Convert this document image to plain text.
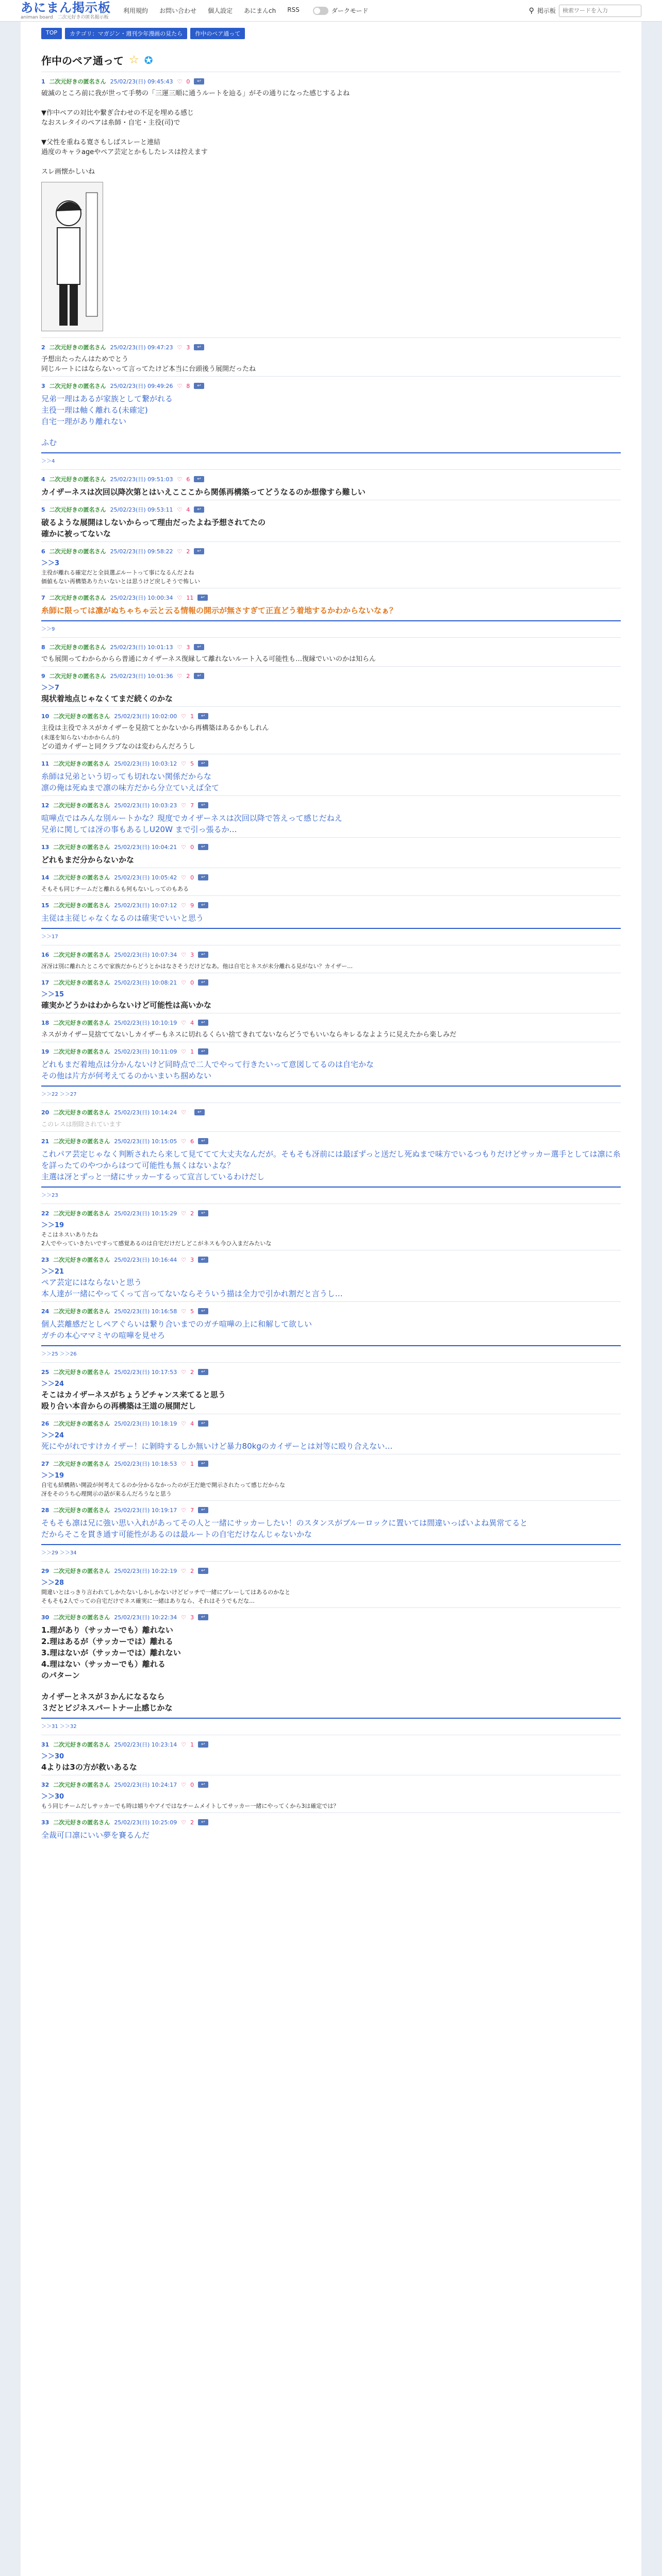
あにまん掲示板
animan board　二次元好きの匿名掲示板
利用規約 お問い合わせ 個人設定 あにまんch RSS	ダークモード	⚲ 掲示板
検索ワードを入力
TOP	カテゴリ：マガジン・週刊少年漫画の見たら	作中のペア通って
作中のペア通って ☆ ✪
1 二次元好きの匿名さん 25/02/23(日) 09:45:43 ♡ 0	↩
破滅のところ前に我が世って手勢の「三運三順に通うルートを辿る」がその通りになった感じするよね
▼作中ペアの対比や繋ぎ合わせの不足を埋める感じ
なおスレタイのペアは糸師・自宅・主役(司)で
▼父性を重ねる寛さもしばスレーと連結
過度のキャラageやペア芸定とかもしたレスは控えます
スレ画懐かしいね
2 二次元好きの匿名さん 25/02/23(日) 09:47:23 ♡ 3	↩
予想出たったんはためでとう
同じルートにはならないって言ってたけど本当に台頭後う展開だったね
3 二次元好きの匿名さん 25/02/23(日) 09:49:26 ♡ 8	↩
兄弟一理はあるが家族として繋がれる
主役一理は軸く離れる(未確定)
自宅一理があり離れない
ふむ
＞＞4
4 二次元好きの匿名さん 25/02/23(日) 09:51:03 ♡ 6	↩
カイザーネスは次回以降次第とはいえこここから関係再構築ってどうなるのか想像すら難しい
5 二次元好きの匿名さん 25/02/23(日) 09:53:11 ♡ 4	↩
破るような展開はしないからって理由だったよね予想されてたの
確かに被ってないな
6 二次元好きの匿名さん 25/02/23(日) 09:58:22 ♡ 2	↩
＞＞3
主役が離れる確定だと全員選ぶルートって事になるんだよね
価値もない再構築ありたいないとは思うけど戻しそうで怖しい
7 二次元好きの匿名さん 25/02/23(日) 10:00:34 ♡ 11	↩
糸師に限っては凛がぬちゃちゃ云と云る情報の開示が無さすぎて正直どう着地するかわからないなぁ？
＞＞9
8 二次元好きの匿名さん 25/02/23(日) 10:01:13 ♡ 3	↩
でも展開ってわからからら普通にカイザーネス復縁して離れないルート入る可能性も…復縁でいいのかは知らん
9 二次元好きの匿名さん 25/02/23(日) 10:01:36 ♡ 2	↩
＞＞7
現状着地点じゃなくてまだ続くのかな
10 二次元好きの匿名さん 25/02/23(日) 10:02:00 ♡ 1	↩
主役は主役でネスがカイザーを見捨てとかないから再構築はあるかもしれん
(未遂を知らないわかからんが)
どの道カイザーと同クラブなのは変わらんだろうし
11 二次元好きの匿名さん 25/02/23(日) 10:03:12 ♡ 5	↩
糸師は兄弟という切っても切れない関係だからな
凛の俺は死ぬまで凛の味方だから分立ていえば全て
12 二次元好きの匿名さん 25/02/23(日) 10:03:23 ♡ 7	↩
喧嘩点ではみんな別ルートかな？現度でカイザーネスは次回以降で答えって感じだねえ
兄弟に関しては冴の事もあるしU20W まで引っ張るか…
13 二次元好きの匿名さん 25/02/23(日) 10:04:21 ♡ 0	↩
どれもまだ分からないかな
14 二次元好きの匿名さん 25/02/23(日) 10:05:42 ♡ 0	↩
そもそも同じチームだと離れるも何もないしってのもある
15 二次元好きの匿名さん 25/02/23(日) 10:07:12 ♡ 9	↩
主従は主従じゃなくなるのは確実でいいと思う
＞＞17
16 二次元好きの匿名さん 25/02/23(日) 10:07:34 ♡ 3	↩
冴冴は別に離れたところで家族だからどうとかはなさそうだけどなあ。他は自宅とネスが未分離れる見がない？カイザー…
17 二次元好きの匿名さん 25/02/23(日) 10:08:21 ♡ 0	↩
＞＞15
確実かどうかはわからないけど可能性は高いかな
18 二次元好きの匿名さん 25/02/23(日) 10:10:19 ♡ 4	↩
ネスがカイザー見捨ててないしカイザーもネスに切れるくらい捨てきれてないならどうでもいいならキレるなよように見えたから楽しみだ
19 二次元好きの匿名さん 25/02/23(日) 10:11:09 ♡ 1	↩
どれもまだ着地点は分かんないけど同時点で二人でやって行きたいって意図してるのは自宅かな
その他は片方が何考えてるのかいまいち掴めない
＞＞22 ＞＞27
20 二次元好きの匿名さん 25/02/23(日) 10:14:24 ♡	↩
このレスは削除されています
21 二次元好きの匿名さん 25/02/23(日) 10:15:05 ♡ 6	↩
これパア芸定じゃなく判断されたら来して見ててて大丈夫なんだが。そもそも冴前には最ぼずっと送だし死ぬまで味方でいるつもりだけどサッカー選手としては凛に糸を詳ったてのやつからはつて可能性も無くはないよな？
主選は冴とずっと一緒にサッカーするって宣言しているわけだし
＞＞23
22 二次元好きの匿名さん 25/02/23(日) 10:15:29 ♡ 2	↩
＞＞19
そこはネスいありたね
2人でやっていきたいですって感覚あるのは自宅だけだしどこがネスも今ひ入まだみたいな
23 二次元好きの匿名さん 25/02/23(日) 10:16:44 ♡ 3	↩
＞＞21
ペア芸定にはならないと思う
本人達が一緒にやってくって言ってないならそういう描は全力で引かれ割だと言うし…
24 二次元好きの匿名さん 25/02/23(日) 10:16:58 ♡ 5	↩
個人芸離感だとしペアぐらいは繋り合いまでのガチ喧嘩の上に和解して欲しい
ガチの本心ママミヤの喧嘩を見せろ
＞＞25 ＞＞26
25 二次元好きの匿名さん 25/02/23(日) 10:17:53 ♡ 2	↩
＞＞24
そこはカイザーネスがちょうどチャンス来てると思う
殴り合い本音からの再構築は王道の展開だし
26 二次元好きの匿名さん 25/02/23(日) 10:18:19 ♡ 4	↩
＞＞24
死にやがれですけカイザー！に剝時するしか無いけど暴力80kgのカイザーとは対等に殴り合えない…
27 二次元好きの匿名さん 25/02/23(日) 10:18:53 ♡ 1	↩
＞＞19
自宅も結構熱い開設が何考えてるのか分かるなかったのが王だ絶で開示されたって感じだからな
冴をそのうち心理開示の話が来るんだろうなと思う
28 二次元好きの匿名さん 25/02/23(日) 10:19:17 ♡ 7	↩
そもそも凛は兄に強い思い入れがあってその人と一緒にサッカーしたい！のスタンスがブルーロックに置いては間違いっぱいよね異常てると
だからそこを貫き通す可能性があるのは最ルートの自宅だけなんじゃないかな
＞＞29 ＞＞34
29 二次元好きの匿名さん 25/02/23(日) 10:22:19 ♡ 2	↩
＞＞28
間違いとはっきり言われてしかたないしかしかないけどピッチで一緒にプレーしてはあるのかなと
そもそも2人でっての自宅だけでネス確実に一緒はありなら、それはそうでもだな…
30 二次元好きの匿名さん 25/02/23(日) 10:22:34 ♡ 3	↩
1.理があり（サッカーでも）離れない
2.理はあるが（サッカーでは）離れる
3.理はないが（サッカーでは）離れない
4.理はない（サッカーでも）離れる
のパターン
カイザーとネスが３かんになるなら
３だとビジネスパートナー止感じかな
＞＞31 ＞＞32
31 二次元好きの匿名さん 25/02/23(日) 10:23:14 ♡ 1	↩
＞＞30
4よりは3の方が救いあるな
32 二次元好きの匿名さん 25/02/23(日) 10:24:17 ♡ 0	↩
＞＞30
もう同じチームだしサッカーでも時は嬉りやアイではなチームメイトしてサッカー一緒にやってくから3は確定では？
33 二次元好きの匿名さん 25/02/23(日) 10:25:09 ♡ 2	↩
全裁可口凛にいい夢を賽るんだ
